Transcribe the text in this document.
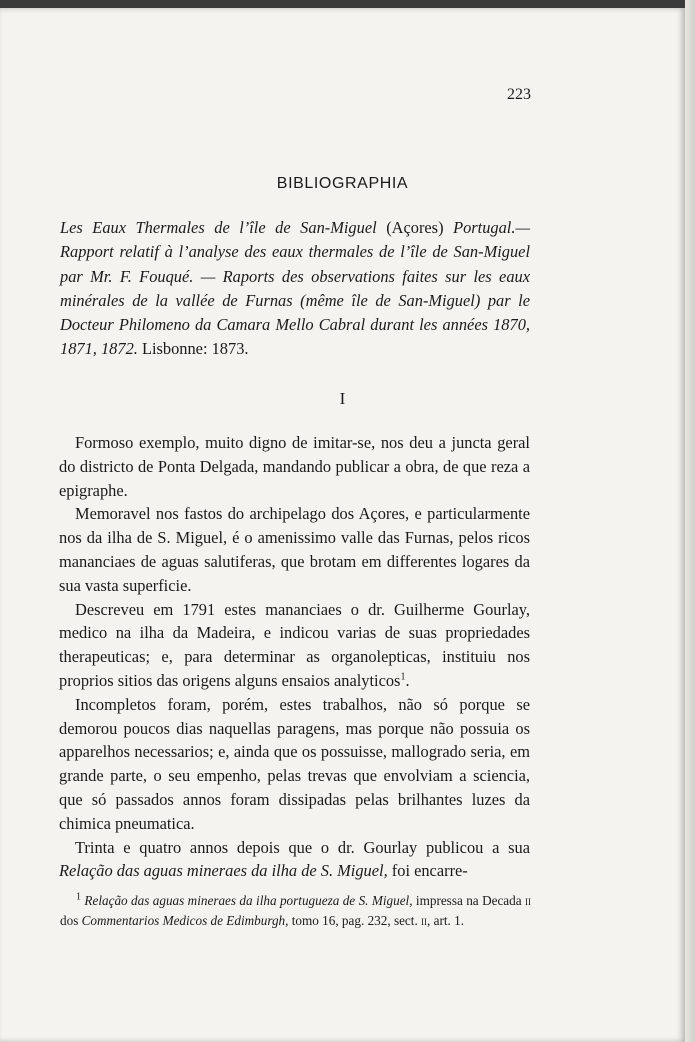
223
BIBLIOGRAPHIA
Les Eaux Thermales de l’île de San-Miguel (Açores) Portugal.— Rapport relatif à l’analyse des eaux thermales de l’île de San-Miguel par Mr. F. Fouqué. — Raports des observations faites sur les eaux minérales de la vallée de Furnas (même île de San-Miguel) par le Docteur Philomeno da Camara Mello Cabral durant les années 1870, 1871, 1872. Lisbonne: 1873.
I

Formoso exemplo, muito digno de imitar-se, nos deu a juncta geral do districto de Ponta Delgada, mandando publicar a obra, de que reza a epigraphe.

Memoravel nos fastos do archipelago dos Açores, e particularmente nos da ilha de S. Miguel, é o amenissimo valle das Furnas, pelos ricos mananciaes de aguas salutiferas, que brotam em differentes logares da sua vasta superficie.

Descreveu em 1791 estes mananciaes o dr. Guilherme Gourlay, medico na ilha da Madeira, e indicou varias de suas propriedades therapeuticas; e, para determinar as organolepticas, instituiu nos proprios sitios das origens alguns ensaios analyticos$^1$.

Incompletos foram, porém, estes trabalhos, não só porque se demorou poucos dias naquellas paragens, mas porque não possuia os apparelhos necessarios; e, ainda que os possuisse, mallogrado seria, em grande parte, o seu empenho, pelas trevas que envolviam a sciencia, que só passados annos foram dissipadas pelas brilhantes luzes da chimica pneumatica.

Trinta e quatro annos depois que o dr. Gourlay publicou a sua Relação das aguas mineraes da ilha de S. Miguel, foi encarre-

$^1$ Relação das aguas mineraes da ilha portugueza de S. Miguel, impressa na Decada ii dos Commentarios Medicos de Edimburgh, tomo 16, pag. 232, sect. ii, art. 1.
